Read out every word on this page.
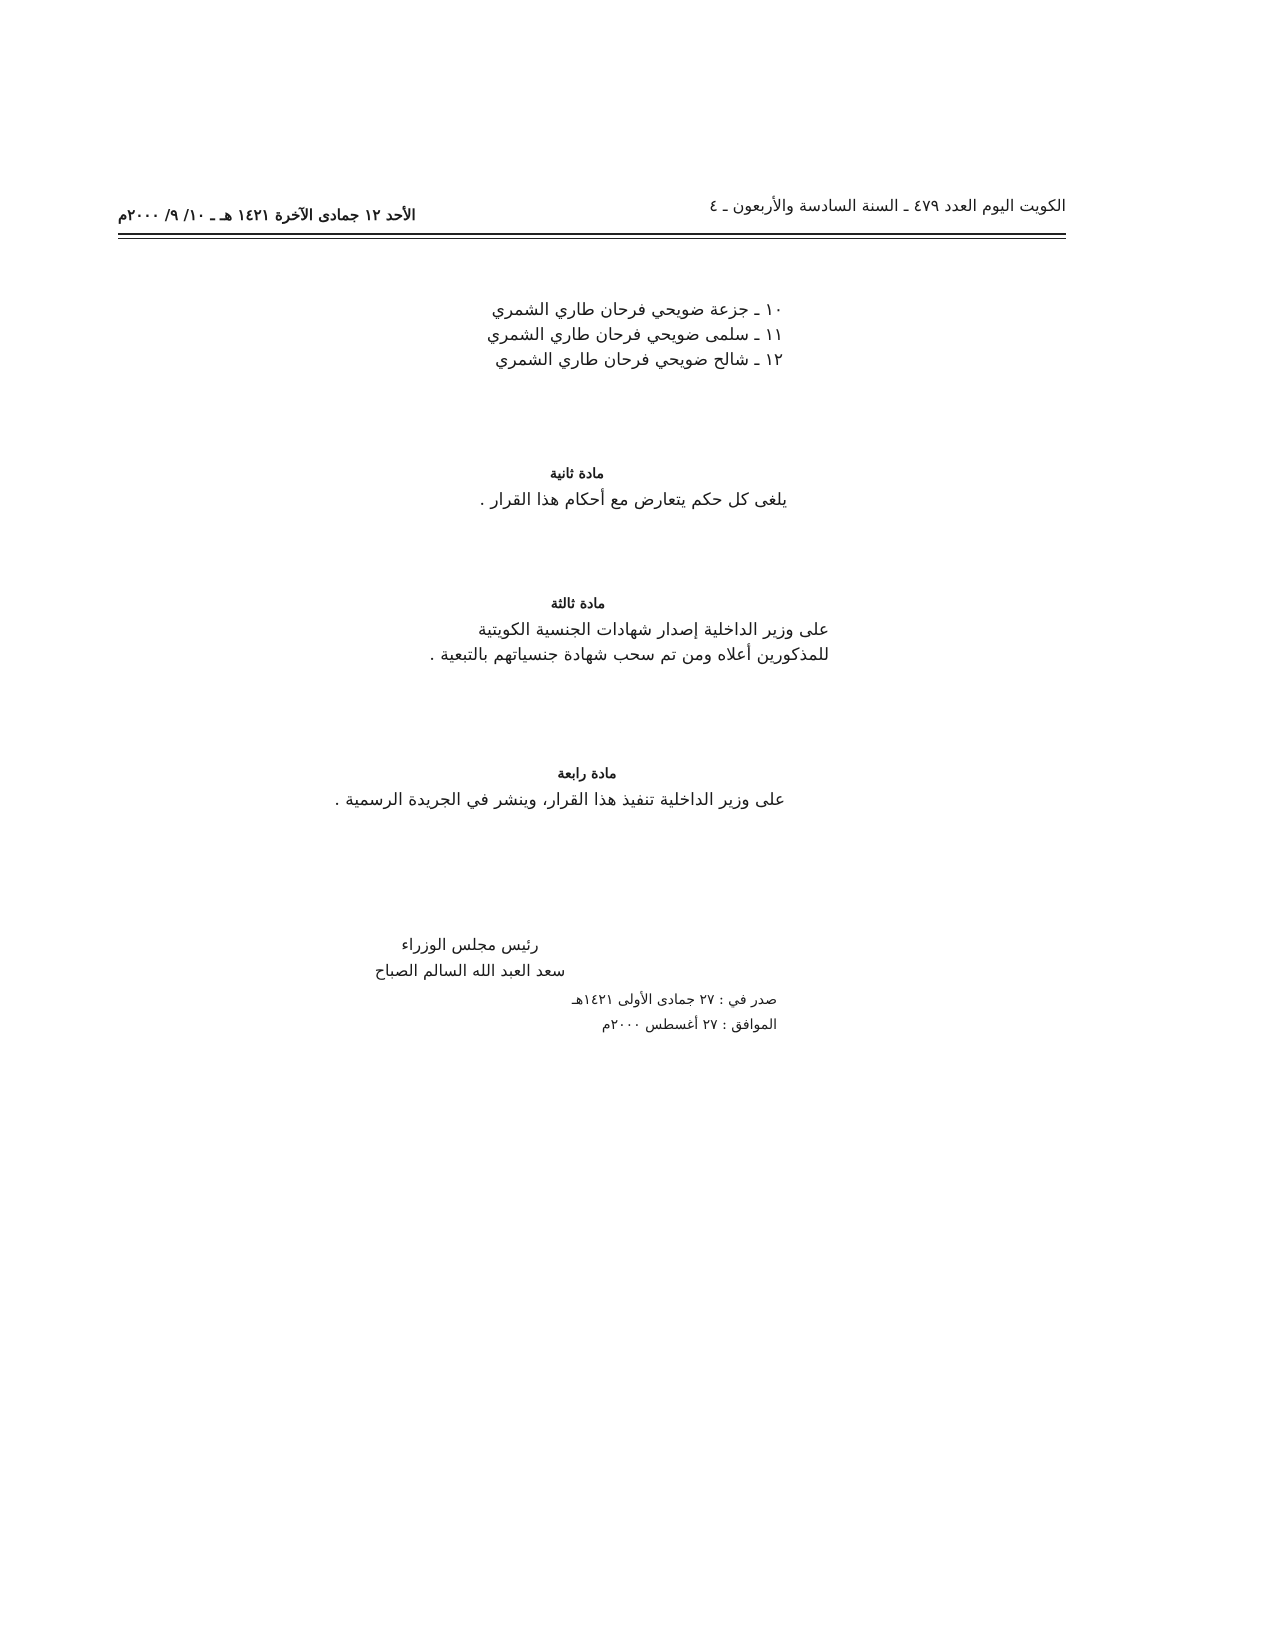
الكويت اليوم العدد ٤٧٩ ـ السنة السادسة والأربعون ـ ٤
الأحد ١٢ جمادى الآخرة ١٤٢١ هـ ـ ١٠/ ٩/ ٢٠٠٠م
١٠ ـ جزعة ضويحي فرحان طاري الشمري
١١ ـ سلمى ضويحي فرحان طاري الشمري
١٢ ـ شالح ضويحي فرحان طاري الشمري
مادة ثانية
يلغى كل حكم يتعارض مع أحكام هذا القرار .
مادة ثالثة
على وزير الداخلية إصدار شهادات الجنسية الكويتية
للمذكورين أعلاه ومن تم سحب شهادة جنسياتهم بالتبعية .
مادة رابعة
على وزير الداخلية تنفيذ هذا القرار، وينشر في الجريدة الرسمية .
رئيس مجلس الوزراء
سعد العبد الله السالم الصباح
صدر في : ٢٧ جمادى الأولى ١٤٢١هـ
الموافق : ٢٧ أغسطس ٢٠٠٠م
